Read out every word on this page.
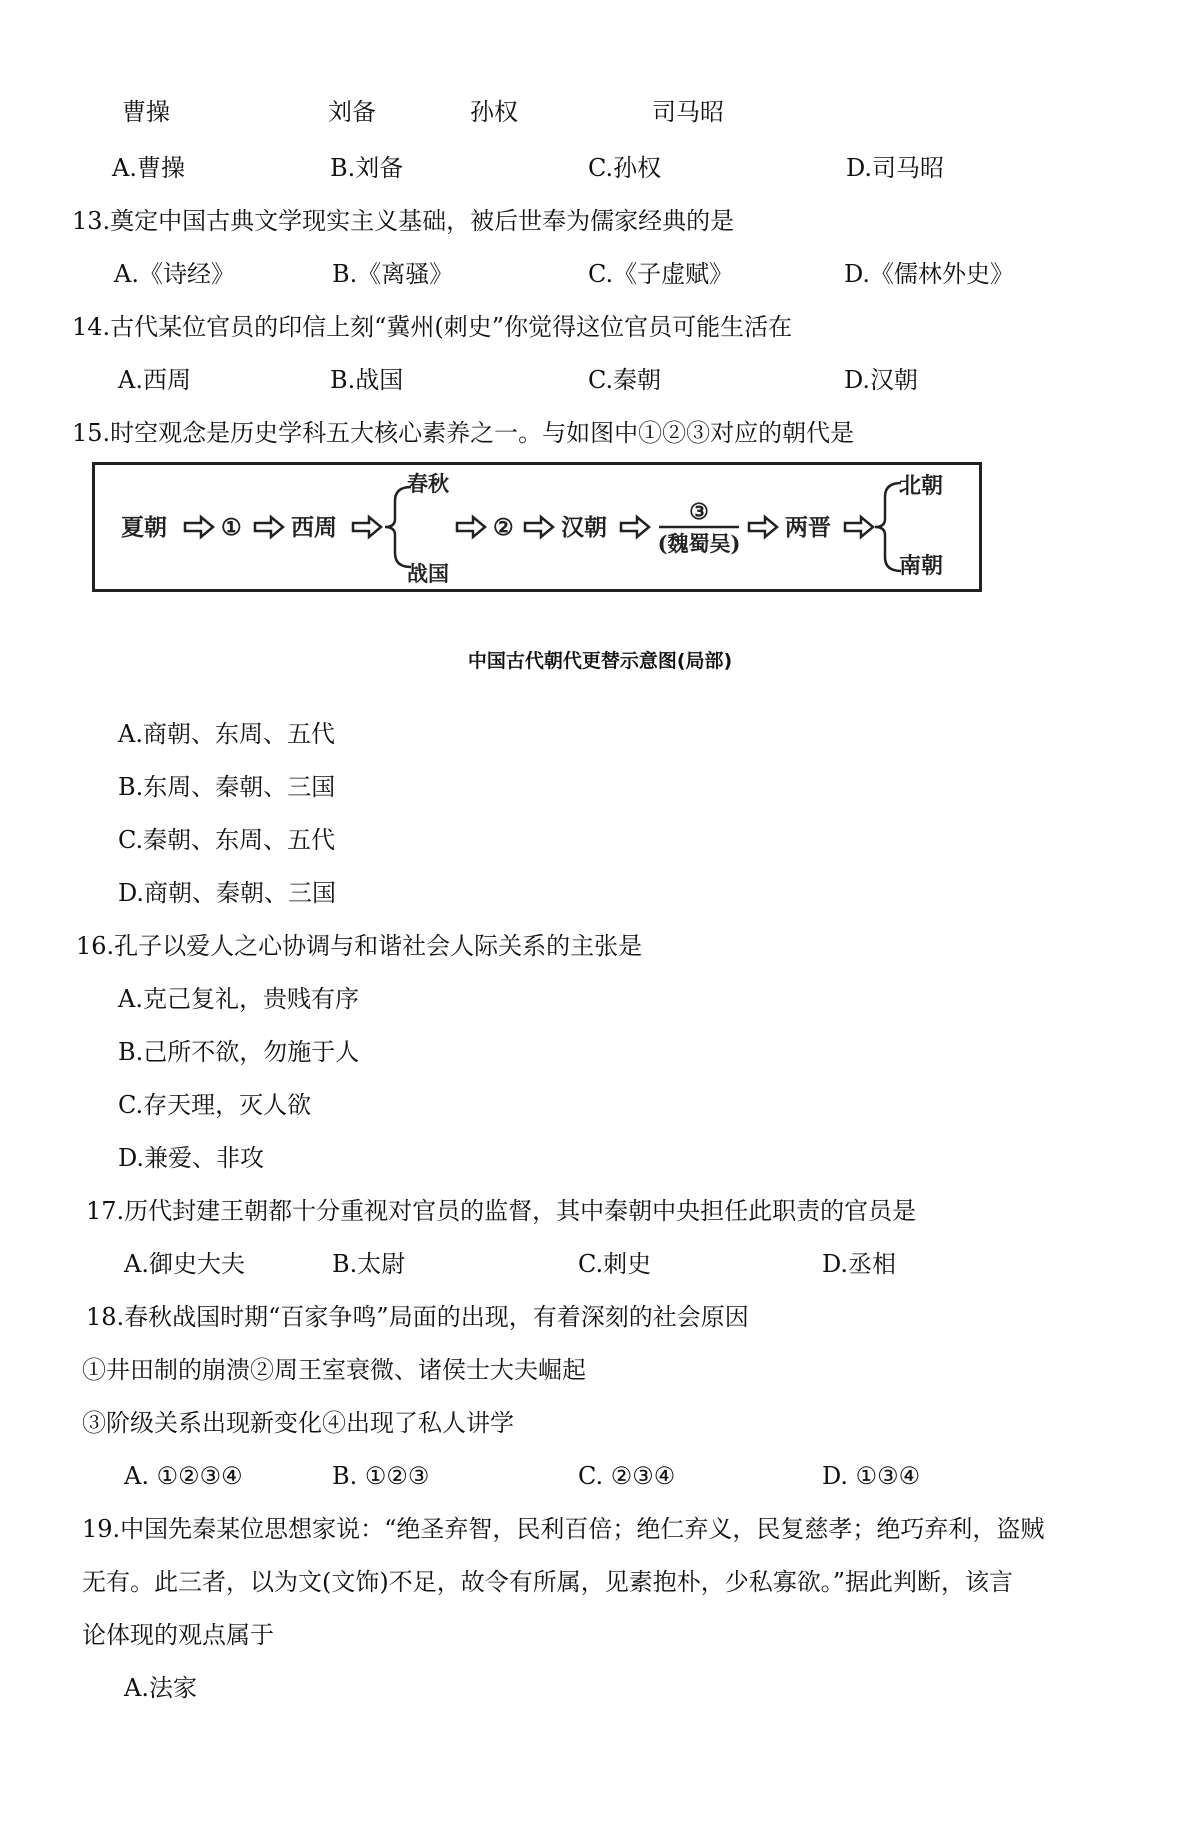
曹操	刘备	孙权	司马昭
A.曹操	B.刘备	C.孙权	D.司马昭
13.奠定中国古典文学现实主义基础，被后世奉为儒家经典的是
A.《诗经》	B.《离骚》	C.《子虚赋》	D.《儒林外史》
14.古代某位官员的印信上刻“冀州(刺史”你觉得这位官员可能生活在
A.西周	B.战国	C.秦朝	D.汉朝
15.时空观念是历史学科五大核心素养之一。与如图中①②③对应的朝代是
夏朝 ① 西周
春秋
战国
② 汉朝
③
(魏蜀吴)
两晋
北朝
南朝
中国古代朝代更替示意图(局部)
A.商朝、东周、五代
B.东周、秦朝、三国
C.秦朝、东周、五代
D.商朝、秦朝、三国
16.孔子以爱人之心协调与和谐社会人际关系的主张是
A.克己复礼，贵贱有序
B.己所不欲，勿施于人
C.存天理，灭人欲
D.兼爱、非攻
17.历代封建王朝都十分重视对官员的监督，其中秦朝中央担任此职责的官员是
A.御史大夫	B.太尉	C.刺史	D.丞相
18.春秋战国时期“百家争鸣”局面的出现，有着深刻的社会原因
①井田制的崩溃②周王室衰微、诸侯士大夫崛起
③阶级关系出现新变化④出现了私人讲学
A. ①②③④	B. ①②③	C. ②③④	D. ①③④
19.中国先秦某位思想家说：“绝圣弃智，民利百倍；绝仁弃义，民复慈孝；绝巧弃利，盗贼
无有。此三者，以为文(文饰)不足，故令有所属，见素抱朴，少私寡欲。”据此判断，该言
论体现的观点属于
A.法家
